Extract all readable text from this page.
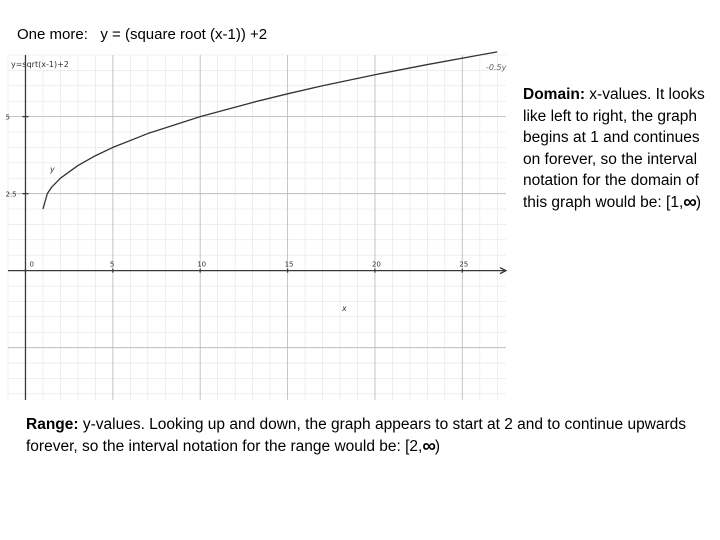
One more:   y = (square root (x-1)) +2
0	5	10	15	20	25
2.5
5
y=sqrt(x-1)+2	-0.5y
x
y
Domain: x-values. It looks like left to right, the graph begins at 1 and continues on forever, so the interval notation for the domain of this graph would be: [1,∞)
Range: y-values. Looking up and down, the graph appears to start at 2 and to continue upwards forever, so the interval notation for the range would be: [2,∞)
